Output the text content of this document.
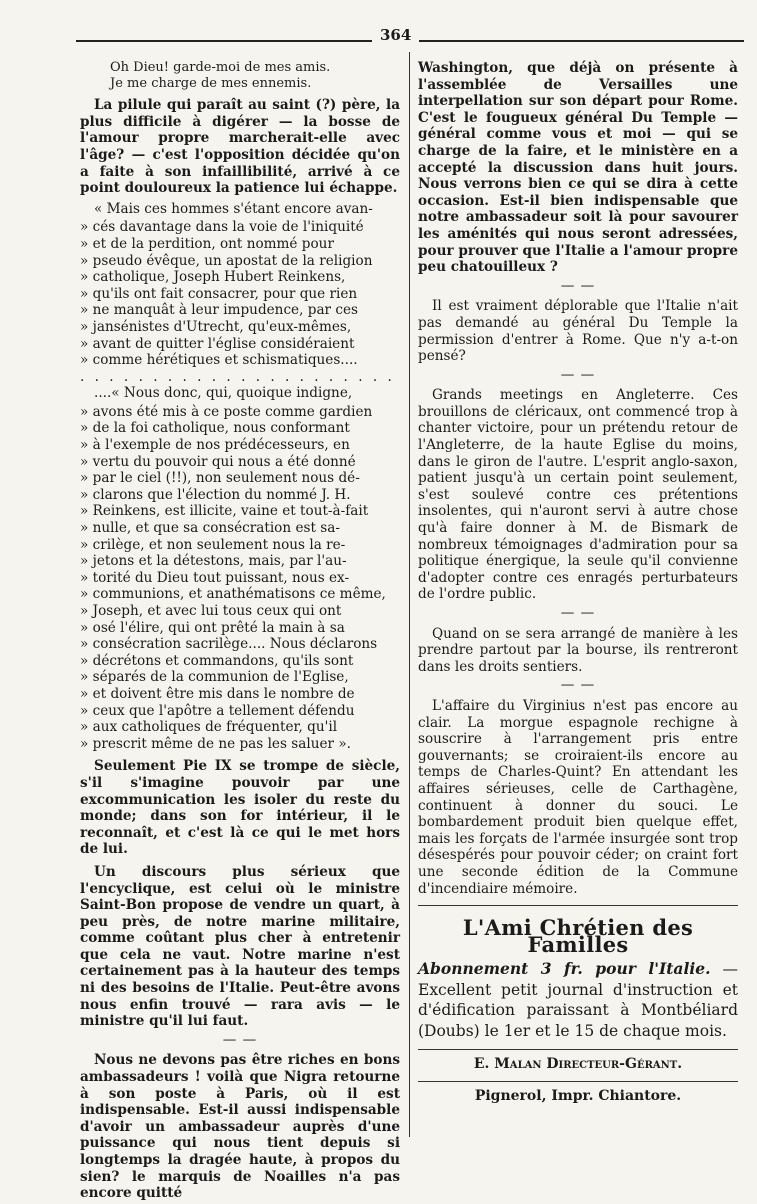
364
Oh Dieu! garde-moi de mes amis.
Je me charge de mes ennemis.

La pilule qui paraît au saint (?) père, la plus difficile à digérer — la bosse de l'amour propre marcherait-elle avec l'âge? — c'est l'opposition décidée qu'on a faite à son infaillibilité, arrivé à ce point douloureux la patience lui échappe.

« Mais ces hommes s'étant encore avan-

» cés davantage dans la voie de l'iniquité
» et de la perdition, ont nommé pour
» pseudo évêque, un apostat de la religion
» catholique, Joseph Hubert Reinkens,
» qu'ils ont fait consacrer, pour que rien
» ne manquât à leur impudence, par ces
» jansénistes d'Utrecht, qu'eux-mêmes,
» avant de quitter l'église considéraient
» comme hérétiques et schismatiques....
. . . . . . . . . . . . . . . . . . . . . .

....« Nous donc, qui, quoique indigne,

» avons été mis à ce poste comme gardien
» de la foi catholique, nous conformant
» à l'exemple de nos prédécesseurs, en
» vertu du pouvoir qui nous a été donné
» par le ciel (!!), non seulement nous dé-
» clarons que l'élection du nommé J. H.
» Reinkens, est illicite, vaine et tout-à-fait
» nulle, et que sa consécration est sa-
» crilège, et non seulement nous la re-
» jetons et la détestons, mais, par l'au-
» torité du Dieu tout puissant, nous ex-
» communions, et anathématisons ce même,
» Joseph, et avec lui tous ceux qui ont
» osé l'élire, qui ont prêté la main à sa
» consécration sacrilège.... Nous déclarons
» décrétons et commandons, qu'ils sont
» séparés de la communion de l'Eglise,
» et doivent être mis dans le nombre de
» ceux que l'apôtre a tellement défendu
» aux catholiques de fréquenter, qu'il
» prescrit même de ne pas les saluer ».

Seulement Pie IX se trompe de siècle, s'il s'imagine pouvoir par une excommunication les isoler du reste du monde; dans son for intérieur, il le reconnaît, et c'est là ce qui le met hors de lui.

Un discours plus sérieux que l'encyclique, est celui où le ministre Saint-Bon propose de vendre un quart, à peu près, de notre marine militaire, comme coûtant plus cher à entretenir que cela ne vaut. Notre marine n'est certainement pas à la hauteur des temps ni des besoins de l'Italie. Peut-être avons nous enfin trouvé — rara avis — le ministre qu'il lui faut.

— —

Nous ne devons pas être riches en bons ambassadeurs ! voilà que Nigra retourne à son poste à Paris, où il est indispensable. Est-il aussi indispensable d'avoir un ambassadeur auprès d'une puissance qui nous tient depuis si longtemps la dragée haute, à propos du sien? le marquis de Noailles n'a pas encore quitté

Washington, que déjà on présente à l'assemblée de Versailles une interpellation sur son départ pour Rome. C'est le fougueux général Du Temple — général comme vous et moi — qui se charge de la faire, et le ministère en a accepté la discussion dans huit jours. Nous verrons bien ce qui se dira à cette occasion. Est-il bien indispensable que notre ambassadeur soit là pour savourer les aménités qui nous seront adressées, pour prouver que l'Italie a l'amour propre peu chatouilleux ?

— —

Il est vraiment déplorable que l'Italie n'ait pas demandé au général Du Temple la permission d'entrer à Rome. Que n'y a-t-on pensé?

— —

Grands meetings en Angleterre. Ces brouillons de cléricaux, ont commencé trop à chanter victoire, pour un prétendu retour de l'Angleterre, de la haute Eglise du moins, dans le giron de l'autre. L'esprit anglo-saxon, patient jusqu'à un certain point seulement, s'est soulevé contre ces prétentions insolentes, qui n'auront servi à autre chose qu'à faire donner à M. de Bismark de nombreux témoignages d'admiration pour sa politique énergique, la seule qu'il convienne d'adopter contre ces enragés perturbateurs de l'ordre public.

— —

Quand on se sera arrangé de manière à les prendre partout par la bourse, ils rentreront dans les droits sentiers.

— —

L'affaire du Virginius n'est pas encore au clair. La morgue espagnole rechigne à souscrire à l'arrangement pris entre gouvernants; se croiraient-ils encore au temps de Charles-Quint? En attendant les affaires sérieuses, celle de Carthagène, continuent à donner du souci. Le bombardement produit bien quelque effet, mais les forçats de l'armée insurgée sont trop désespérés pour pouvoir céder; on craint fort une seconde édition de la Commune d'incendiaire mémoire.

L'Ami Chrétien des Familles
Abonnement 3 fr. pour l'Italie. — Excellent petit journal d'instruction et d'édification paraissant à Montbéliard (Doubs) le 1er et le 15 de chaque mois.
E. Malan Directeur-Gérant.
Pignerol, Impr. Chiantore.
